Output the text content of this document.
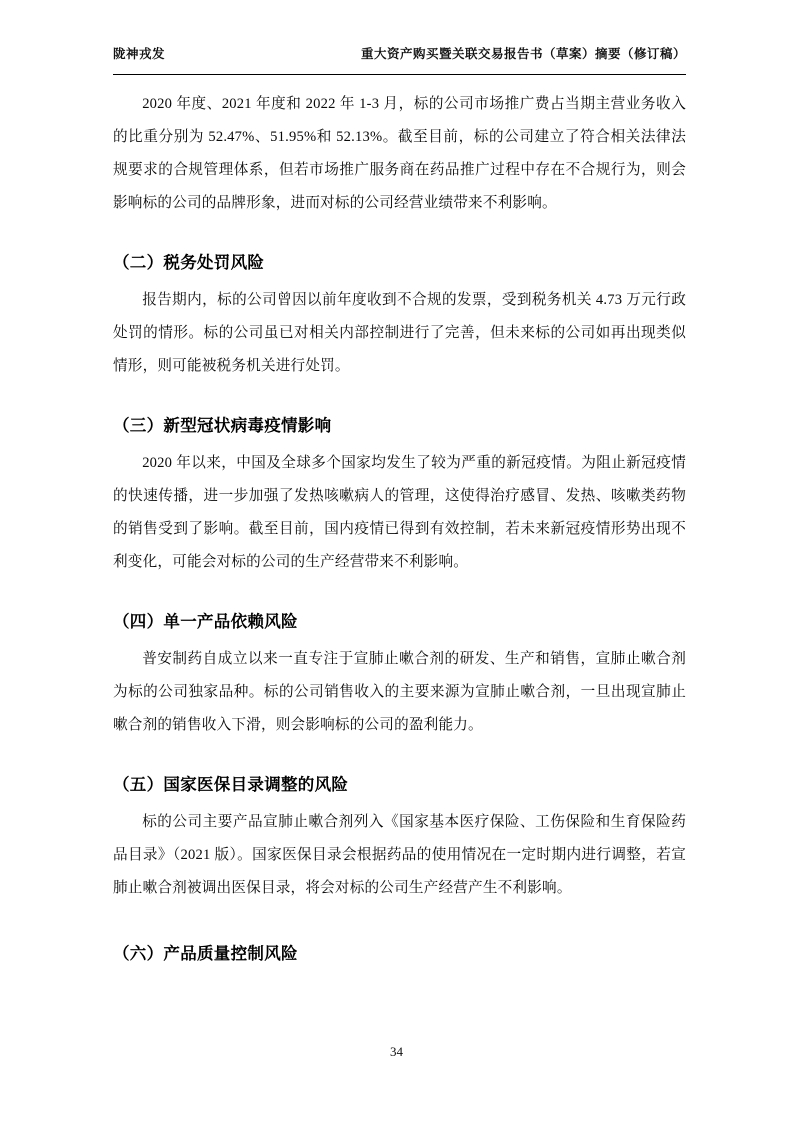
陇神戎发	重大资产购买暨关联交易报告书（草案）摘要（修订稿）

2020 年度、2021 年度和 2022 年 1-3 月，标的公司市场推广费占当期主营业务收入的比重分别为 52.47%、51.95%和 52.13%。截至目前，标的公司建立了符合相关法律法规要求的合规管理体系，但若市场推广服务商在药品推广过程中存在不合规行为，则会影响标的公司的品牌形象，进而对标的公司经营业绩带来不利影响。

（二）税务处罚风险

报告期内，标的公司曾因以前年度收到不合规的发票，受到税务机关 4.73 万元行政处罚的情形。标的公司虽已对相关内部控制进行了完善，但未来标的公司如再出现类似情形，则可能被税务机关进行处罚。

（三）新型冠状病毒疫情影响

2020 年以来，中国及全球多个国家均发生了较为严重的新冠疫情。为阻止新冠疫情的快速传播，进一步加强了发热咳嗽病人的管理，这使得治疗感冒、发热、咳嗽类药物的销售受到了影响。截至目前，国内疫情已得到有效控制，若未来新冠疫情形势出现不利变化，可能会对标的公司的生产经营带来不利影响。

（四）单一产品依赖风险

普安制药自成立以来一直专注于宣肺止嗽合剂的研发、生产和销售，宣肺止嗽合剂为标的公司独家品种。标的公司销售收入的主要来源为宣肺止嗽合剂，一旦出现宣肺止嗽合剂的销售收入下滑，则会影响标的公司的盈利能力。

（五）国家医保目录调整的风险

标的公司主要产品宣肺止嗽合剂列入《国家基本医疗保险、工伤保险和生育保险药品目录》（2021 版）。国家医保目录会根据药品的使用情况在一定时期内进行调整，若宣肺止嗽合剂被调出医保目录，将会对标的公司生产经营产生不利影响。

（六）产品质量控制风险
34
